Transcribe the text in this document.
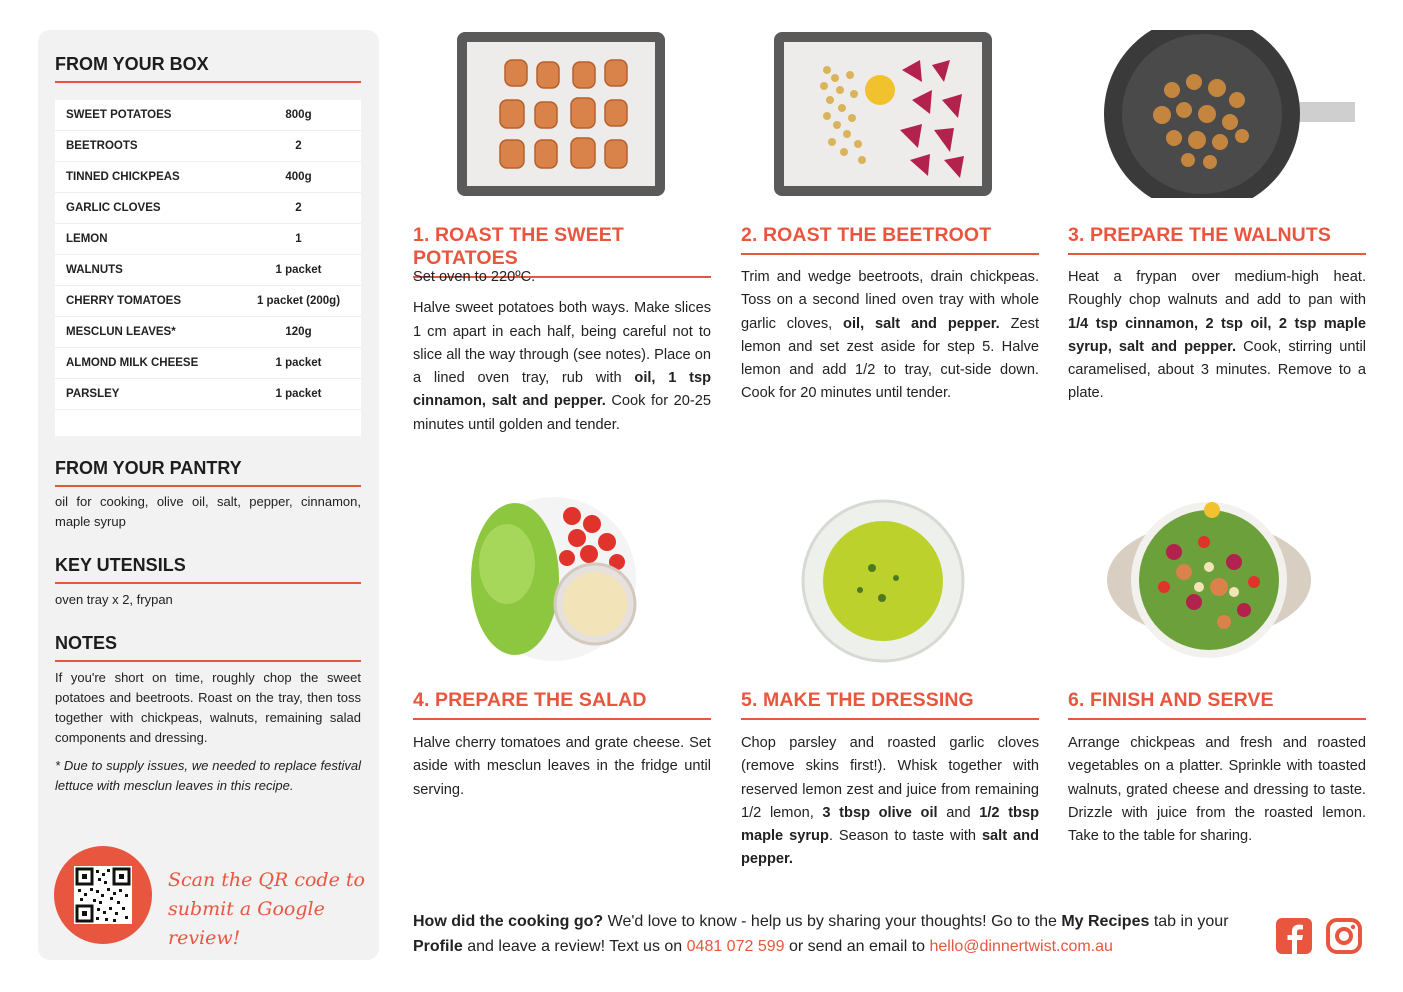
FROM YOUR BOX
SWEET POTATOES	800g
BEETROOTS	2
TINNED CHICKPEAS	400g
GARLIC CLOVES	2
LEMON	1
WALNUTS	1 packet
CHERRY TOMATOES	1 packet (200g)
MESCLUN LEAVES*	120g
ALMOND MILK CHEESE	1 packet
PARSLEY	1 packet
FROM YOUR PANTRY
oil for cooking, olive oil, salt, pepper, cinnamon, maple syrup
KEY UTENSILS
oven tray x 2, frypan
NOTES
If you're short on time, roughly chop the sweet potatoes and beetroots. Roast on the tray, then toss together with chickpeas, walnuts, remaining salad components and dressing.
* Due to supply issues, we needed to replace festival lettuce with mesclun leaves in this recipe.
Scan the QR code to
submit a Google review!
1. ROAST THE SWEET POTATOES

Set oven to 220ºC.

Halve sweet potatoes both ways. Make slices 1 cm apart in each half, being careful not to slice all the way through (see notes). Place on a lined oven tray, rub with oil, 1 tsp cinnamon, salt and pepper. Cook for 20-25 minutes until golden and tender.

2. ROAST THE BEETROOT

Trim and wedge beetroots, drain chickpeas. Toss on a second lined oven tray with whole garlic cloves, oil, salt and pepper. Zest lemon and set zest aside for step 5. Halve lemon and add 1/2 to tray, cut-side down. Cook for 20 minutes until tender.

3. PREPARE THE WALNUTS

Heat a frypan over medium-high heat. Roughly chop walnuts and add to pan with 1/4 tsp cinnamon, 2 tsp oil, 2 tsp maple syrup, salt and pepper. Cook, stirring until caramelised, about 3 minutes. Remove to a plate.

4. PREPARE THE SALAD

Halve cherry tomatoes and grate cheese. Set aside with mesclun leaves in the fridge until serving.

5. MAKE THE DRESSING

Chop parsley and roasted garlic cloves (remove skins first!). Whisk together with reserved lemon zest and juice from remaining 1/2 lemon, 3 tbsp olive oil and 1/2 tbsp maple syrup. Season to taste with salt and pepper.

6. FINISH AND SERVE

Arrange chickpeas and fresh and roasted vegetables on a platter. Sprinkle with toasted walnuts, grated cheese and dressing to taste. Drizzle with juice from the roasted lemon. Take to the table for sharing.

How did the cooking go? We'd love to know - help us by sharing your thoughts! Go to the My Recipes tab in your Profile and leave a review! Text us on 0481 072 599 or send an email to hello@dinnertwist.com.au
